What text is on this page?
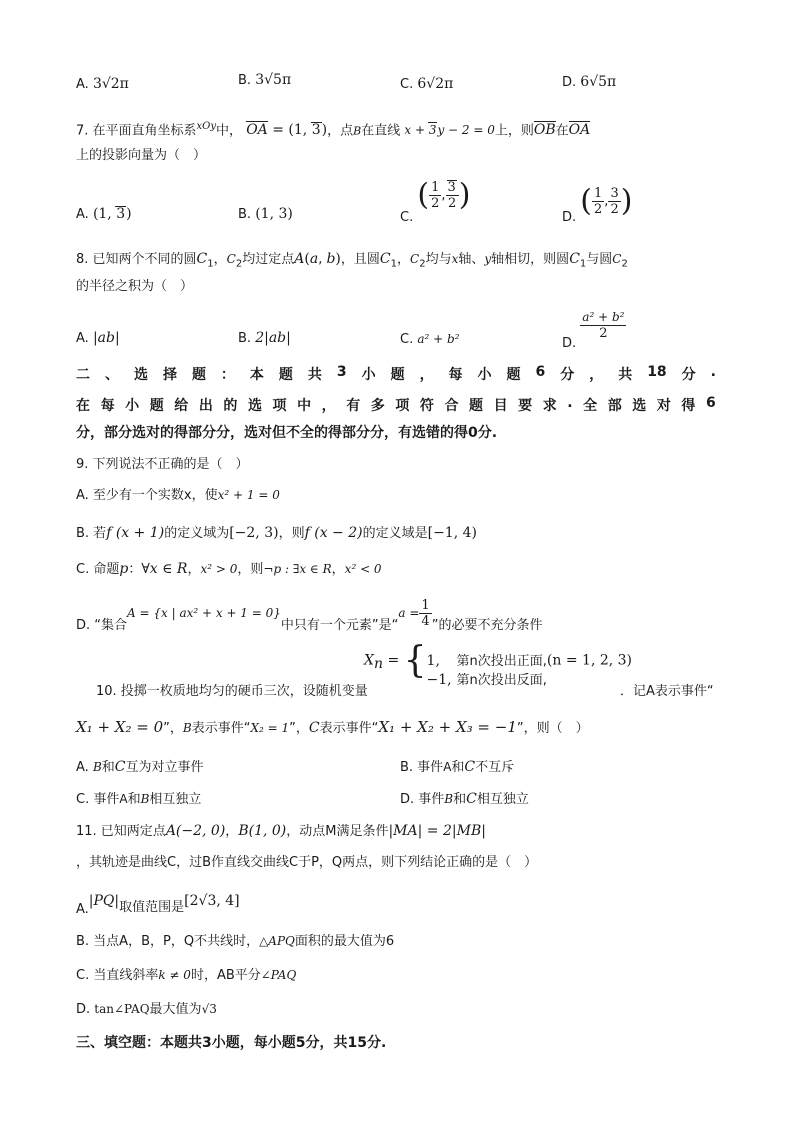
A. 3√2π	B. 3√5π	C. 6√2π	D. 6√5π
7. 在平面直角坐标系$^{xOy}$中， OA = (1, 3)，点B在直线 x + 3y − 2 = 0上，则OB在OA
上的投影向量为（　）
A. (1, 3)	B. (1, 3)	C. ( $\frac{1}{2}$ , $\frac{3}{2}$ )
D. ( $\frac{1}{2}$ , $\frac{3}{2}$ )
8. 已知两个不同的圆$C_1$，$C_2$均过定点A(a, b)，且圆$C_1$，$C_2$均与x轴、y轴相切，则圆$C_1$与圆$C_2$
的半径之积为（　）
A. |ab|	B. 2|ab|	C. a² + b²	D.
$\frac{\text{a² + b²}}{2}$
二 、 选 择 题 ： 本 题 共 3 小 题 ， 每 小 题 6 分 ， 共 18 分 .
在 每 小 题 给 出 的 选 项 中 ， 有 多 项 符 合 题 目 要 求 . 全 部 选 对 得 6
分，部分选对的得部分分，选对但不全的得部分分，有选错的得0分.
9. 下列说法不正确的是（　）
A. 至少有一个实数x，使x² + 1 = 0
B. 若f (x + 1)的定义域为[−2, 3)，则f (x − 2)的定义域是[−1, 4)
C. 命题p：∀x ∈ R，x² > 0，则¬p : ∃x ∈ R，x² < 0
D. “集合A = {x | ax² + x + 1 = 0}中只有一个元素”是“$a = \frac{1}{4}$ ”的必要不充分条件
10. 投掷一枚质地均匀的硬币三次，设随机变量
$X_n$ = { 1, 第n次投出正面,
−1, 第n次投出反面,
(n = 1, 2, 3)
．记A表示事件“
X₁ + X₂ = 0”，B表示事件“X₂ = 1”，C表示事件“X₁ + X₂ + X₃ = −1”，则（　）
A. B和C互为对立事件	B. 事件A和C不互斥
C. 事件A和B相互独立	D. 事件B和C相互独立
11. 已知两定点A(−2, 0)，B(1, 0)，动点M满足条件|MA| = 2|MB|
，其轨迹是曲线C，过B作直线交曲线C于P，Q两点，则下列结论正确的是（　）
A.|PQ|取值范围是[2√3, 4]
B. 当点A，B，P，Q不共线时，△APQ面积的最大值为6
C. 当直线斜率k ≠ 0时，AB平分∠PAQ
D. tan∠PAQ最大值为√3
三、填空题：本题共3小题，每小题5分，共15分.
